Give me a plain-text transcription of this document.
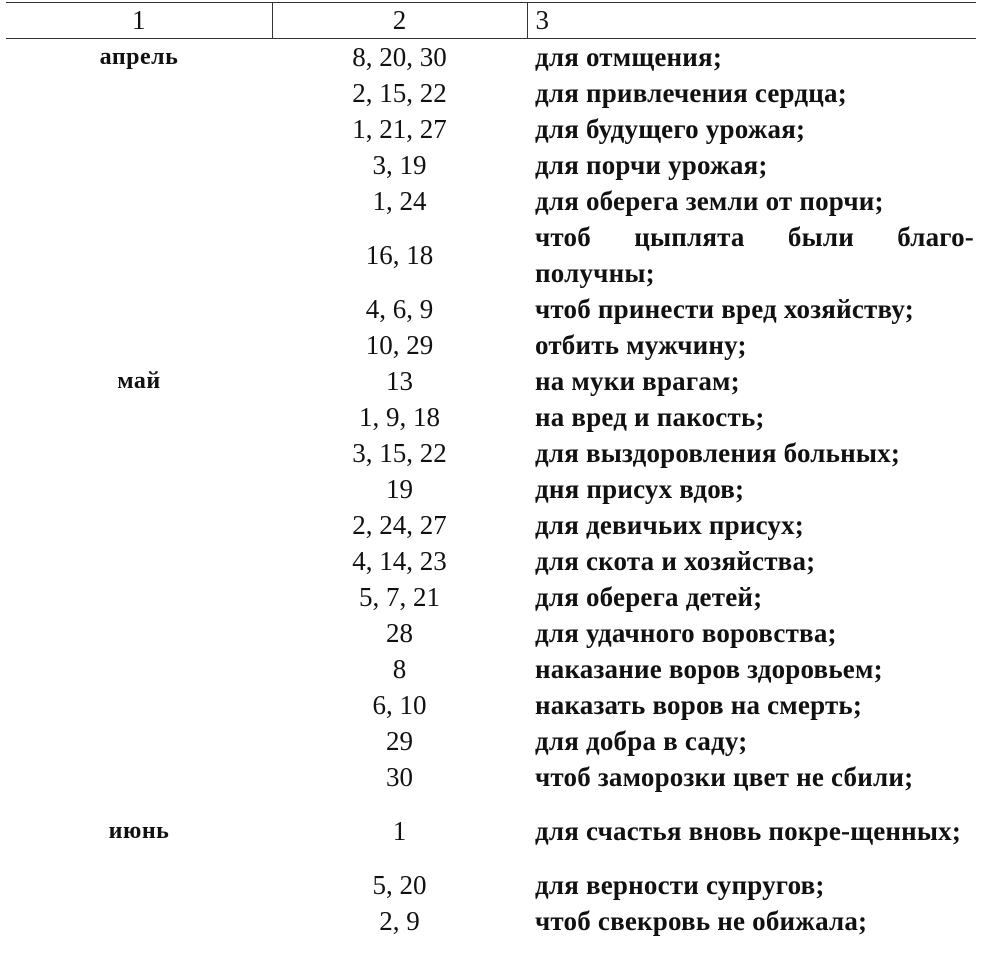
1	2	3
апрель	8, 20, 30	для отмщения;
	2, 15, 22	для привлечения сердца;
	1, 21, 27	для будущего урожая;
	3, 19	для порчи урожая;
	1, 24	для оберега земли от порчи;
	16, 18	чтоб цыплята были благо-получны;
	4, 6, 9	чтоб принести вред хозяйству;
	10, 29	отбить мужчину;
май	13	на муки врагам;
	1, 9, 18	на вред и пакость;
	3, 15, 22	для выздоровления больных;
	19	дня присух вдов;
	2, 24, 27	для девичьих присух;
	4, 14, 23	для скота и хозяйства;
	5, 7, 21	для оберега детей;
	28	для удачного воровства;
	8	наказание воров здоровьем;
	6, 10	наказать воров на смерть;
	29	для добра в саду;
	30	чтоб заморозки цвет не сбили;
июнь	1	для счастья вновь покре-щенных;
	5, 20	для верности супругов;
	2, 9	чтоб свекровь не обижала;
